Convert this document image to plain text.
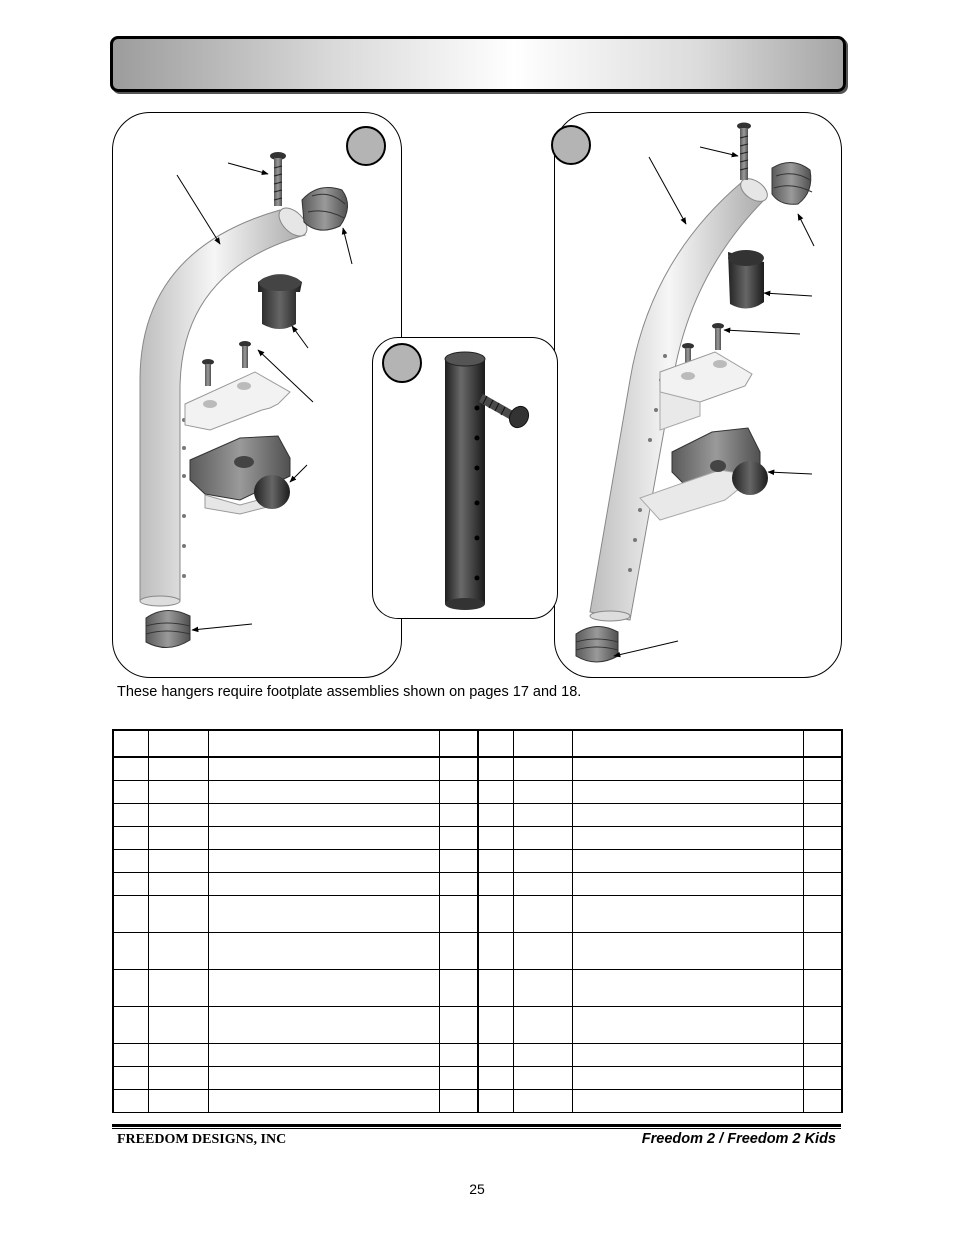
These hangers require footplate assemblies shown on pages 17 and 18.

FREEDOM DESIGNS, INC	Freedom 2 / Freedom 2 Kids
25
